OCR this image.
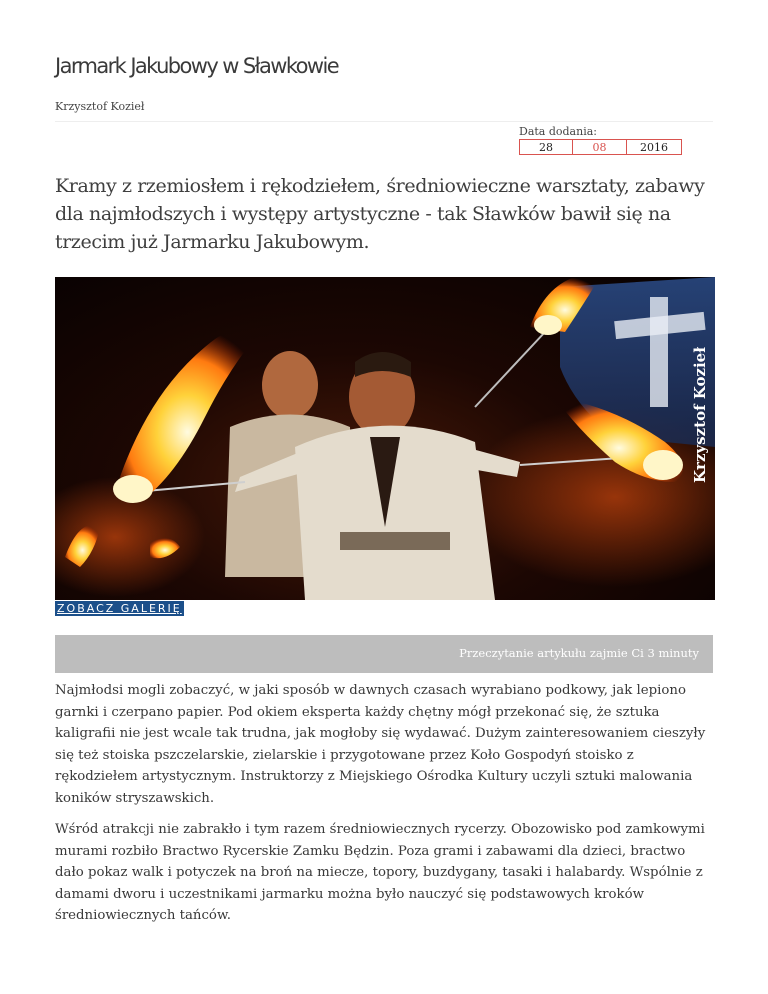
Jarmark Jakubowy w Sławkowie
Krzysztof Kozieł
Data dodania:
28	08	2016
Kramy z rzemiosłem i rękodziełem, średniowieczne warsztaty, zabawy dla najmłodszych i występy artystyczne - tak Sławków bawił się na trzecim już Jarmarku Jakubowym.
Krzysztof Kozieł
ZOBACZ GALERIĘ
Przeczytanie artykułu zajmie Ci 3 minuty

Najmłodsi mogli zobaczyć, w jaki sposób w dawnych czasach wyrabiano podkowy, jak lepiono garnki i czerpano papier. Pod okiem eksperta każdy chętny mógł przekonać się, że sztuka kaligrafii nie jest wcale tak trudna, jak mogłoby się wydawać. Dużym zainteresowaniem cieszyły się też stoiska pszczelarskie, zielarskie i przygotowane przez Koło Gospodyń stoisko z rękodziełem artystycznym. Instruktorzy z Miejskiego Ośrodka Kultury uczyli sztuki malowania koników stryszawskich.

Wśród atrakcji nie zabrakło i tym razem średniowiecznych rycerzy. Obozowisko pod zamkowymi murami rozbiło Bractwo Rycerskie Zamku Będzin. Poza grami i zabawami dla dzieci, bractwo dało pokaz walk i potyczek na broń na miecze, topory, buzdygany, tasaki i halabardy. Wspólnie z damami dworu i uczestnikami jarmarku można było nauczyć się podstawowych kroków średniowiecznych tańców.
